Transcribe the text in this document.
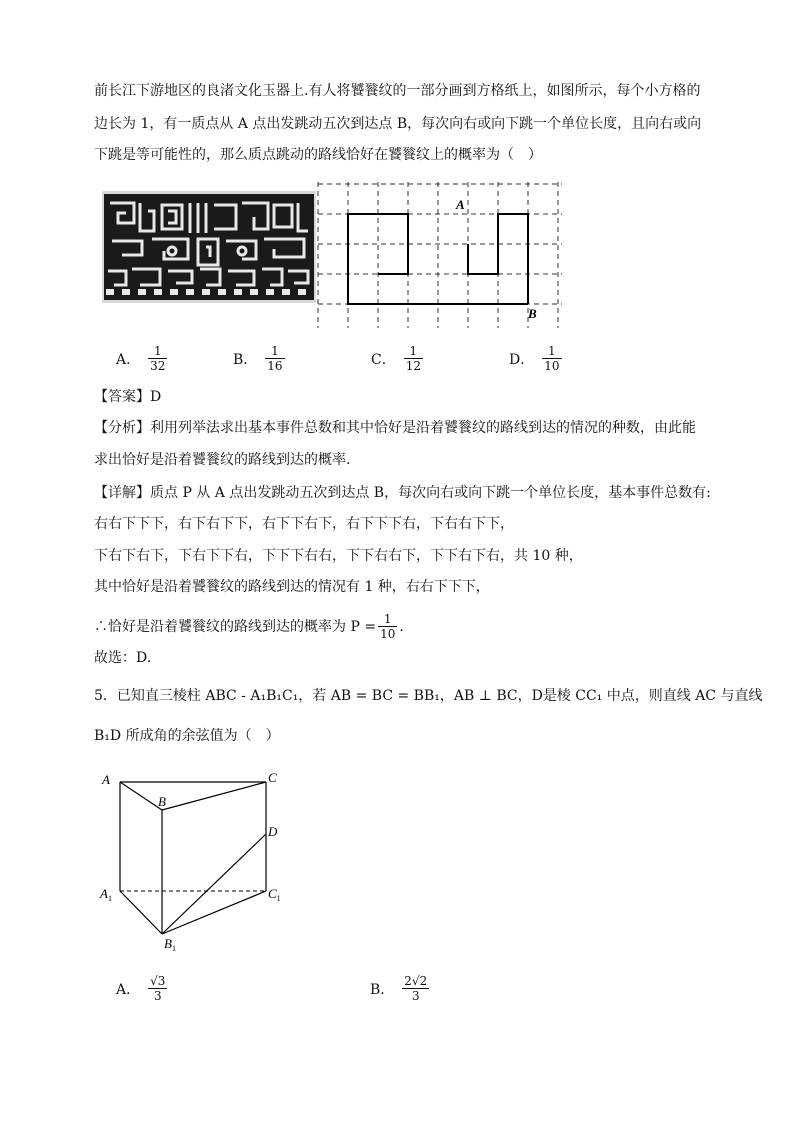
前长江下游地区的良渚文化玉器上.有人将饕餮纹的一部分画到方格纸上，如图所示，每个小方格的
边长为 1，有一质点从 A 点出发跳动五次到达点 B，每次向右或向下跳一个单位长度，且向右或向
下跳是等可能性的，那么质点跳动的路线恰好在饕餮纹上的概率为（　）
A
B
A． $\frac{1}{32}$	B． $\frac{1}{16}$	C． $\frac{1}{12}$	D． $\frac{1}{10}$
【答案】D
【分析】利用列举法求出基本事件总数和其中恰好是沿着饕餮纹的路线到达的情况的种数，由此能
求出恰好是沿着饕餮纹的路线到达的概率.
【详解】质点 P 从 A 点出发跳动五次到达点 B，每次向右或向下跳一个单位长度，基本事件总数有:
右右下下下，右下右下下，右下下右下，右下下下右，下右右下下，
下右下右下，下右下下右，下下下右右，下下右右下，下下右下右，共 10 种，
其中恰好是沿着饕餮纹的路线到达的情况有 1 种，右右下下下，
∴恰好是沿着饕餮纹的路线到达的概率为 $P = \frac{1}{10}$ .
故选：D.
5．已知直三棱柱 ABC - A₁B₁C₁，若 AB = BC = BB₁，AB ⊥ BC，D是棱 CC₁ 中点，则直线 AC 与直线
B₁D 所成角的余弦值为（　）
A
B
C
D
$A_1$
$B_1$
$C_1$
A． $\frac{√3}{3}$	B． $\frac{2√2}{3}$
